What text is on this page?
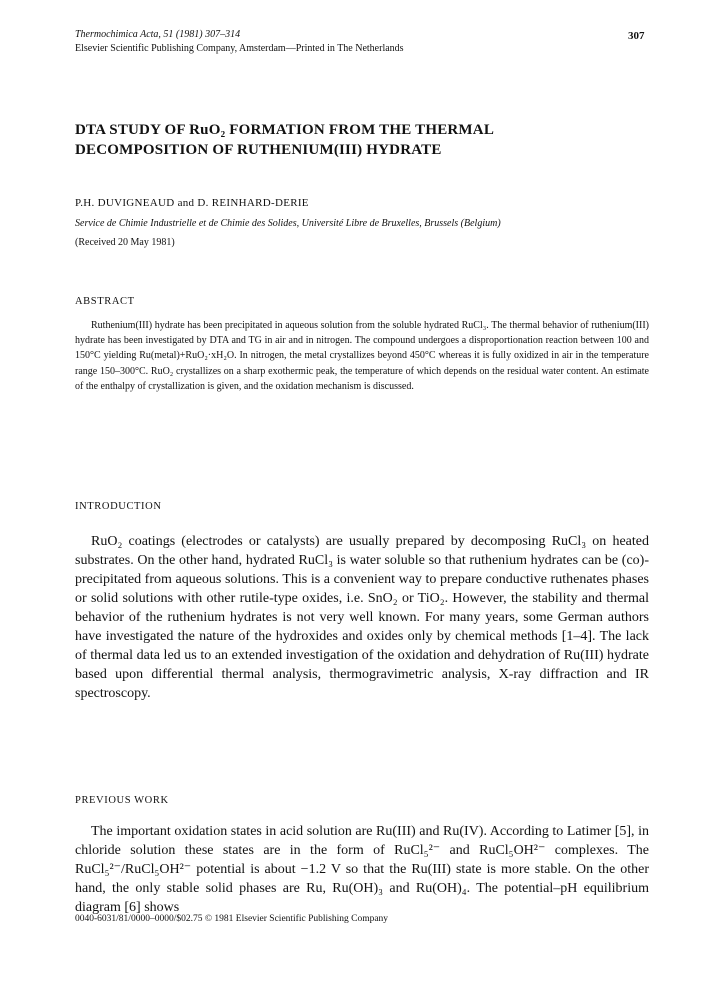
Thermochimica Acta, 51 (1981) 307–314
Elsevier Scientific Publishing Company, Amsterdam—Printed in The Netherlands
307
DTA STUDY OF RuO₂ FORMATION FROM THE THERMAL
DECOMPOSITION OF RUTHENIUM(III) HYDRATE
P.H. DUVIGNEAUD and D. REINHARD-DERIE
Service de Chimie Industrielle et de Chimie des Solides, Université Libre de Bruxelles, Brussels (Belgium)
(Received 20 May 1981)
ABSTRACT

Ruthenium(III) hydrate has been precipitated in aqueous solution from the soluble hydrated RuCl₃. The thermal behavior of ruthenium(III) hydrate has been investigated by DTA and TG in air and in nitrogen. The compound undergoes a disproportionation reaction between 100 and 150°C yielding Ru(metal)+RuO₂·xH₂O. In nitrogen, the metal crystallizes beyond 450°C whereas it is fully oxidized in air in the temperature range 150–300°C. RuO₂ crystallizes on a sharp exothermic peak, the temperature of which depends on the residual water content. An estimate of the enthalpy of crystallization is given, and the oxidation mechanism is discussed.

INTRODUCTION

RuO₂ coatings (electrodes or catalysts) are usually prepared by decomposing RuCl₃ on heated substrates. On the other hand, hydrated RuCl₃ is water soluble so that ruthenium hydrates can be (co)-precipitated from aqueous solutions. This is a convenient way to prepare conductive ruthenates phases or solid solutions with other rutile-type oxides, i.e. SnO₂ or TiO₂. However, the stability and thermal behavior of the ruthenium hydrates is not very well known. For many years, some German authors have investigated the nature of the hydroxides and oxides only by chemical methods [1–4]. The lack of thermal data led us to an extended investigation of the oxidation and dehydration of Ru(III) hydrate based upon differential thermal analysis, thermogravimetric analysis, X-ray diffraction and IR spectroscopy.

PREVIOUS WORK

The important oxidation states in acid solution are Ru(III) and Ru(IV). According to Latimer [5], in chloride solution these states are in the form of RuCl₅²⁻ and RuCl₅OH²⁻ complexes. The RuCl₅²⁻/RuCl₅OH²⁻ potential is about −1.2 V so that the Ru(III) state is more stable. On the other hand, the only stable solid phases are Ru, Ru(OH)₃ and Ru(OH)₄. The potential–pH equilibrium diagram [6] shows

0040-6031/81/0000–0000/$02.75 © 1981 Elsevier Scientific Publishing Company
